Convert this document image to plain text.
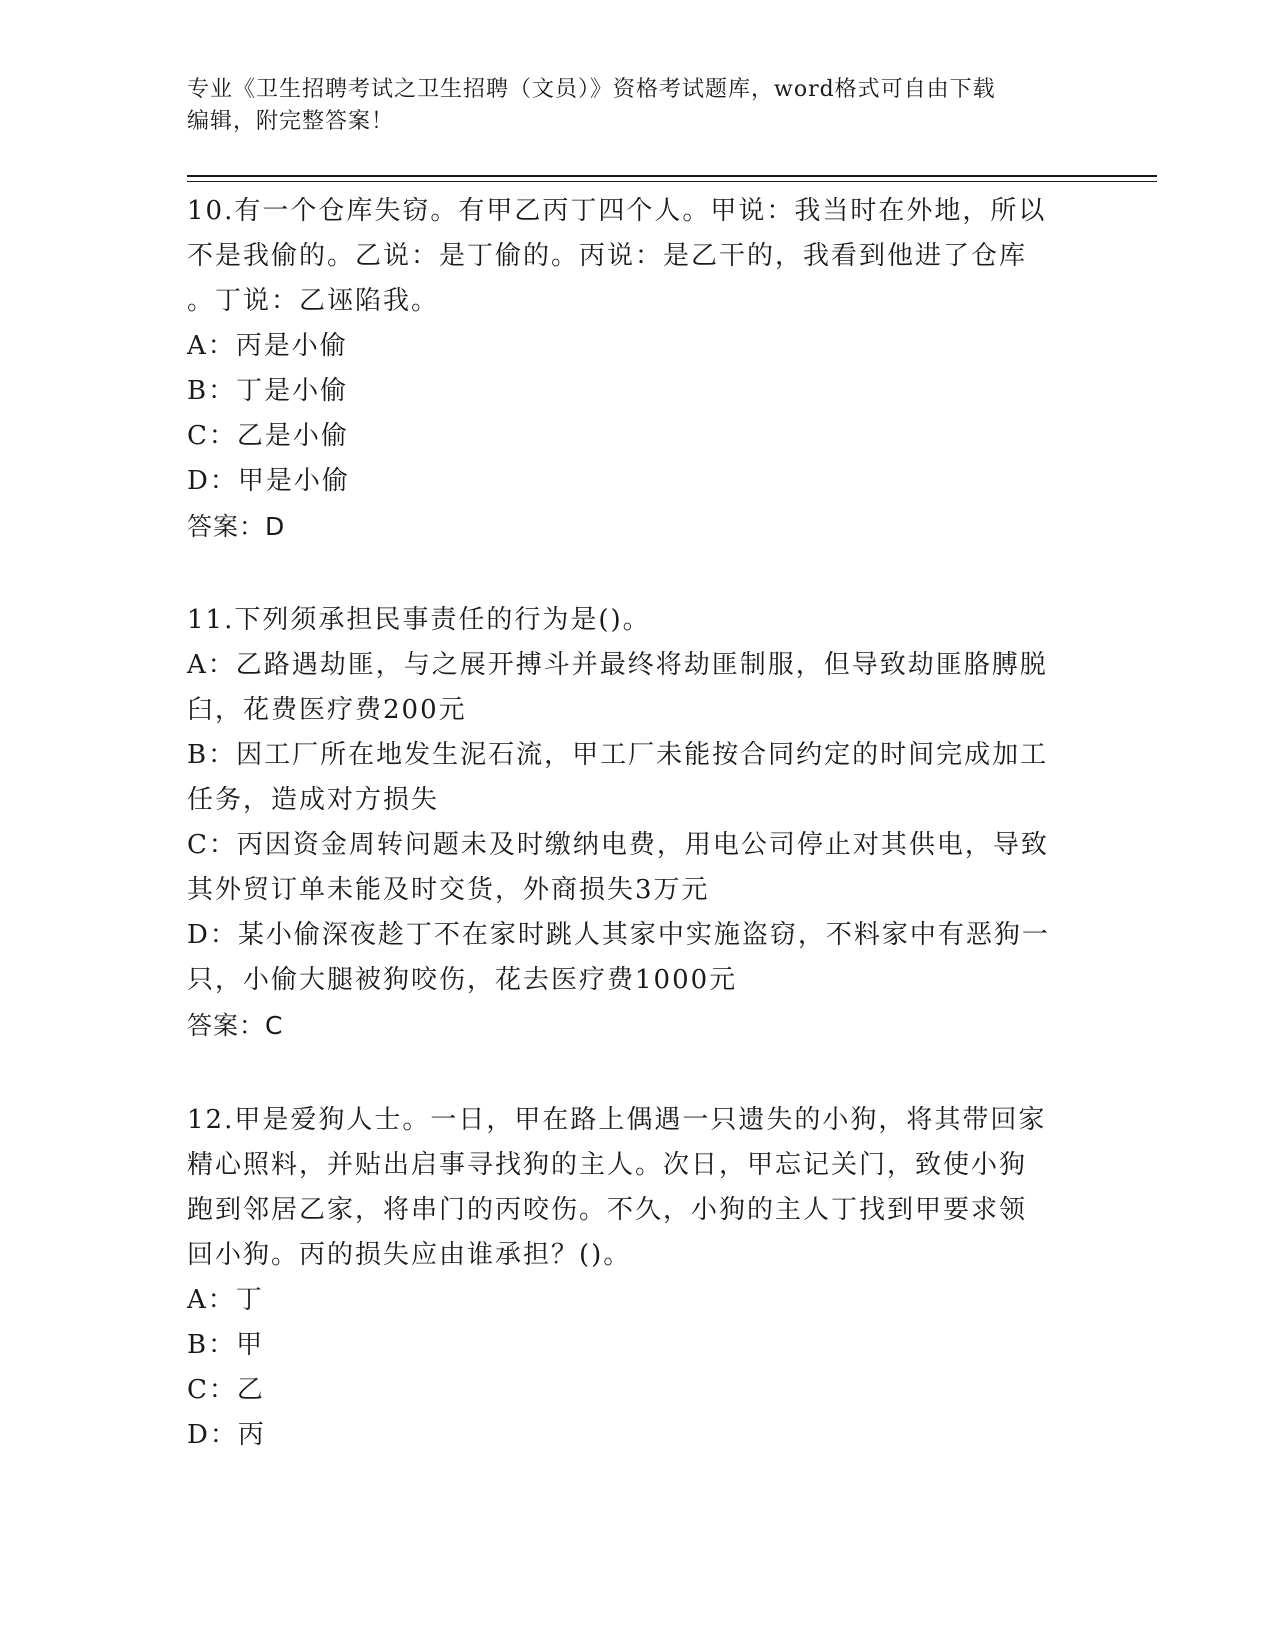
专业《卫生招聘考试之卫生招聘（文员）》资格考试题库，word格式可自由下载
编辑，附完整答案！
10.有一个仓库失窃。有甲乙丙丁四个人。甲说：我当时在外地，所以
不是我偷的。乙说：是丁偷的。丙说：是乙干的，我看到他进了仓库
。丁说：乙诬陷我。
A：丙是小偷
B：丁是小偷
C：乙是小偷
D：甲是小偷
答案：D
11.下列须承担民事责任的行为是()。
A：乙路遇劫匪，与之展开搏斗并最终将劫匪制服，但导致劫匪胳膊脱
臼，花费医疗费200元
B：因工厂所在地发生泥石流，甲工厂未能按合同约定的时间完成加工
任务，造成对方损失
C：丙因资金周转问题未及时缴纳电费，用电公司停止对其供电，导致
其外贸订单未能及时交货，外商损失3万元
D：某小偷深夜趁丁不在家时跳人其家中实施盗窃，不料家中有恶狗一
只，小偷大腿被狗咬伤，花去医疗费1000元
答案：C
12.甲是爱狗人士。一日，甲在路上偶遇一只遗失的小狗，将其带回家
精心照料，并贴出启事寻找狗的主人。次日，甲忘记关门，致使小狗
跑到邻居乙家，将串门的丙咬伤。不久，小狗的主人丁找到甲要求领
回小狗。丙的损失应由谁承担？()。
A：丁
B：甲
C：乙
D：丙
